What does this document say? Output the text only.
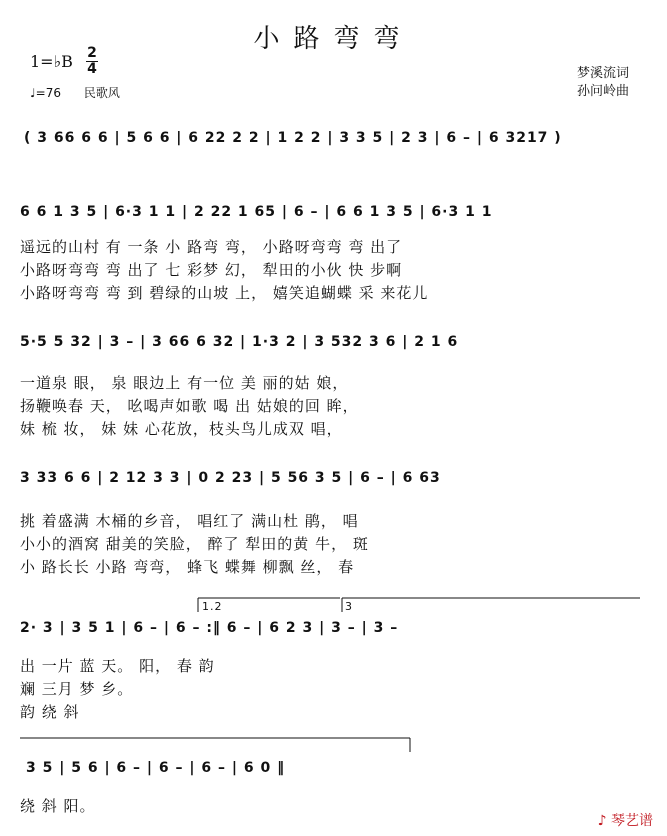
小路弯弯
1=♭B 2
4
♩=76 民歌风
梦溪流词
孙问岭曲
( 3 66 6 6 | 5 6 6 | 6 22 2 2 | 1 2 2 | 3 3 5 | 2 3 | 6 – | 6 3217 )
6 6 1 3 5 | 6·3 1 1 | 2 22 1 65 | 6 – | 6 6 1 3 5 | 6·3 1 1
遥远的山村 有 一条 小 路弯 弯， 小路呀弯弯 弯 出了
小路呀弯弯 弯 出了 七 彩梦 幻， 犁田的小伙 快 步啊
小路呀弯弯 弯 到 碧绿的山坡 上， 嬉笑追蝴蝶 采 来花儿
5·5 5 32 | 3 – | 3 66 6 32 | 1·3 2 | 3 532 3 6 | 2 1 6
一道泉 眼， 泉 眼边上 有一位 美 丽的姑 娘，
扬鞭唤春 天， 吆喝声如歌 喝 出 姑娘的回 眸，
妹 梳 妆， 妹 妹 心花放，枝头鸟儿成双 唱，
3 33 6 6 | 2 12 3 3 | 0 2 23 | 5 56 3 5 | 6 – | 6 63
挑 着盛满 木桶的乡音， 唱红了 满山杜 鹃， 唱
小小的酒窝 甜美的笑脸， 醉了 犁田的黄 牛， 斑
小 路长长 小路 弯弯， 蜂飞 蝶舞 柳飘 丝， 春
1.2	3
2· 3 | 3 5 1 | 6 – | 6 – :‖ 6 – | 6 2 3 | 3 – | 3 –
出 一片 蓝 天。 阳， 春 韵
斓 三月 梦 乡。
韵 绕 斜
3 5 | 5 6 | 6 – | 6 – | 6 – | 6 0 ‖
绕 斜 阳。
♪ 琴艺谱
